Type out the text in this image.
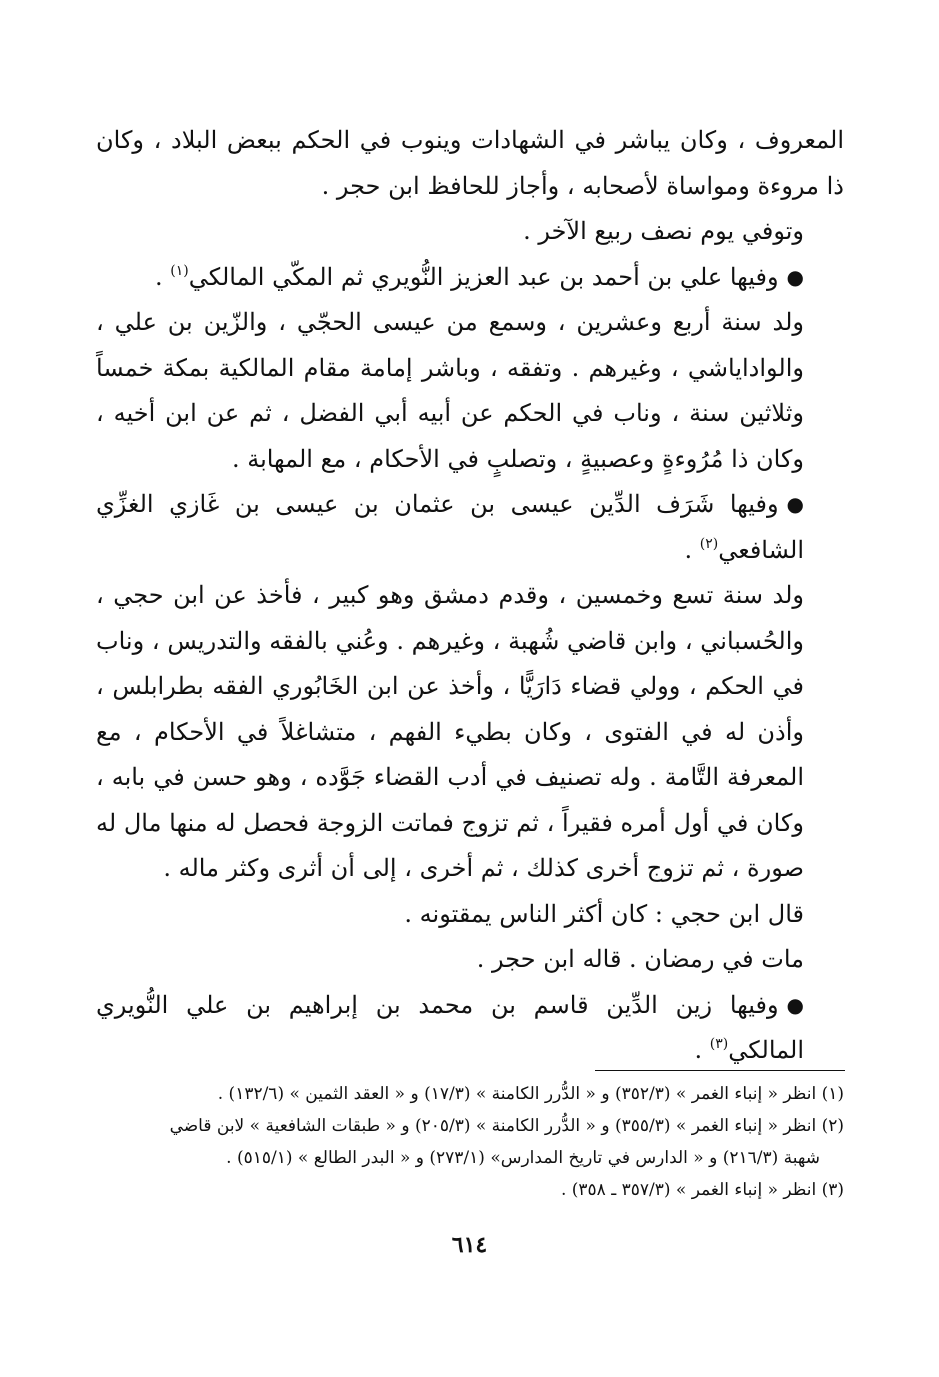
المعروف ، وكان يباشر في الشهادات وينوب في الحكم ببعض البلاد ، وكان ذا مروءة ومواساة لأصحابه ، وأجاز للحافظ ابن حجر .

وتوفي يوم نصف ربيع الآخر .

●وفيها علي بن أحمد بن عبد العزيز النُّويري ثم المكّي المالكي$^{(١)}$ .

ولد سنة أربع وعشرين ، وسمع من عيسى الحجّي ، والزّين بن علي ، والواداياشي ، وغيرهم . وتفقه ، وباشر إمامة مقام المالكية بمكة خمساً وثلاثين سنة ، وناب في الحكم عن أبيه أبي الفضل ، ثم عن ابن أخيه ، وكان ذا مُرُوءةٍ وعصبيةٍ ، وتصلبٍ في الأحكام ، مع المهابة .

●وفيها شَرَف الدِّين عيسى بن عثمان بن عيسى بن غَازي الغزِّي الشافعي$^{(٢)}$ .

ولد سنة تسع وخمسين ، وقدم دمشق وهو كبير ، فأخذ عن ابن حجي ، والحُسباني ، وابن قاضي شُهبة ، وغيرهم . وعُني بالفقه والتدريس ، وناب في الحكم ، وولي قضاء دَارَيًّا ، وأخذ عن ابن الخَابُوري الفقه بطرابلس ، وأذن له في الفتوى ، وكان بطيء الفهم ، متشاغلاً في الأحكام ، مع المعرفة التَّامة . وله تصنيف في أدب القضاء جَوَّده ، وهو حسن في بابه ، وكان في أول أمره فقيراً ، ثم تزوج فماتت الزوجة فحصل له منها مال له صورة ، ثم تزوج أخرى كذلك ، ثم أخرى ، إلى أن أثرى وكثر ماله .

قال ابن حجي : كان أكثر الناس يمقتونه .

مات في رمضان . قاله ابن حجر .

●وفيها زين الدِّين قاسم بن محمد بن إبراهيم بن علي النُّويري المالكي$^{(٣)}$ .

(١) انظر « إنباء الغمر » (٣٥٢/٣) و « الدُّرر الكامنة » (١٧/٣) و « العقد الثمين » (١٣٢/٦) .

(٢) انظر « إنباء الغمر » (٣٥٥/٣) و « الدُّرر الكامنة » (٢٠٥/٣) و « طبقات الشافعية » لابن قاضي

شهبة (٢١٦/٣) و « الدارس في تاريخ المدارس» (٢٧٣/١) و « البدر الطالع » (٥١٥/١) .

(٣) انظر « إنباء الغمر » (٣٥٧/٣ ـ ٣٥٨) .

٦١٤
